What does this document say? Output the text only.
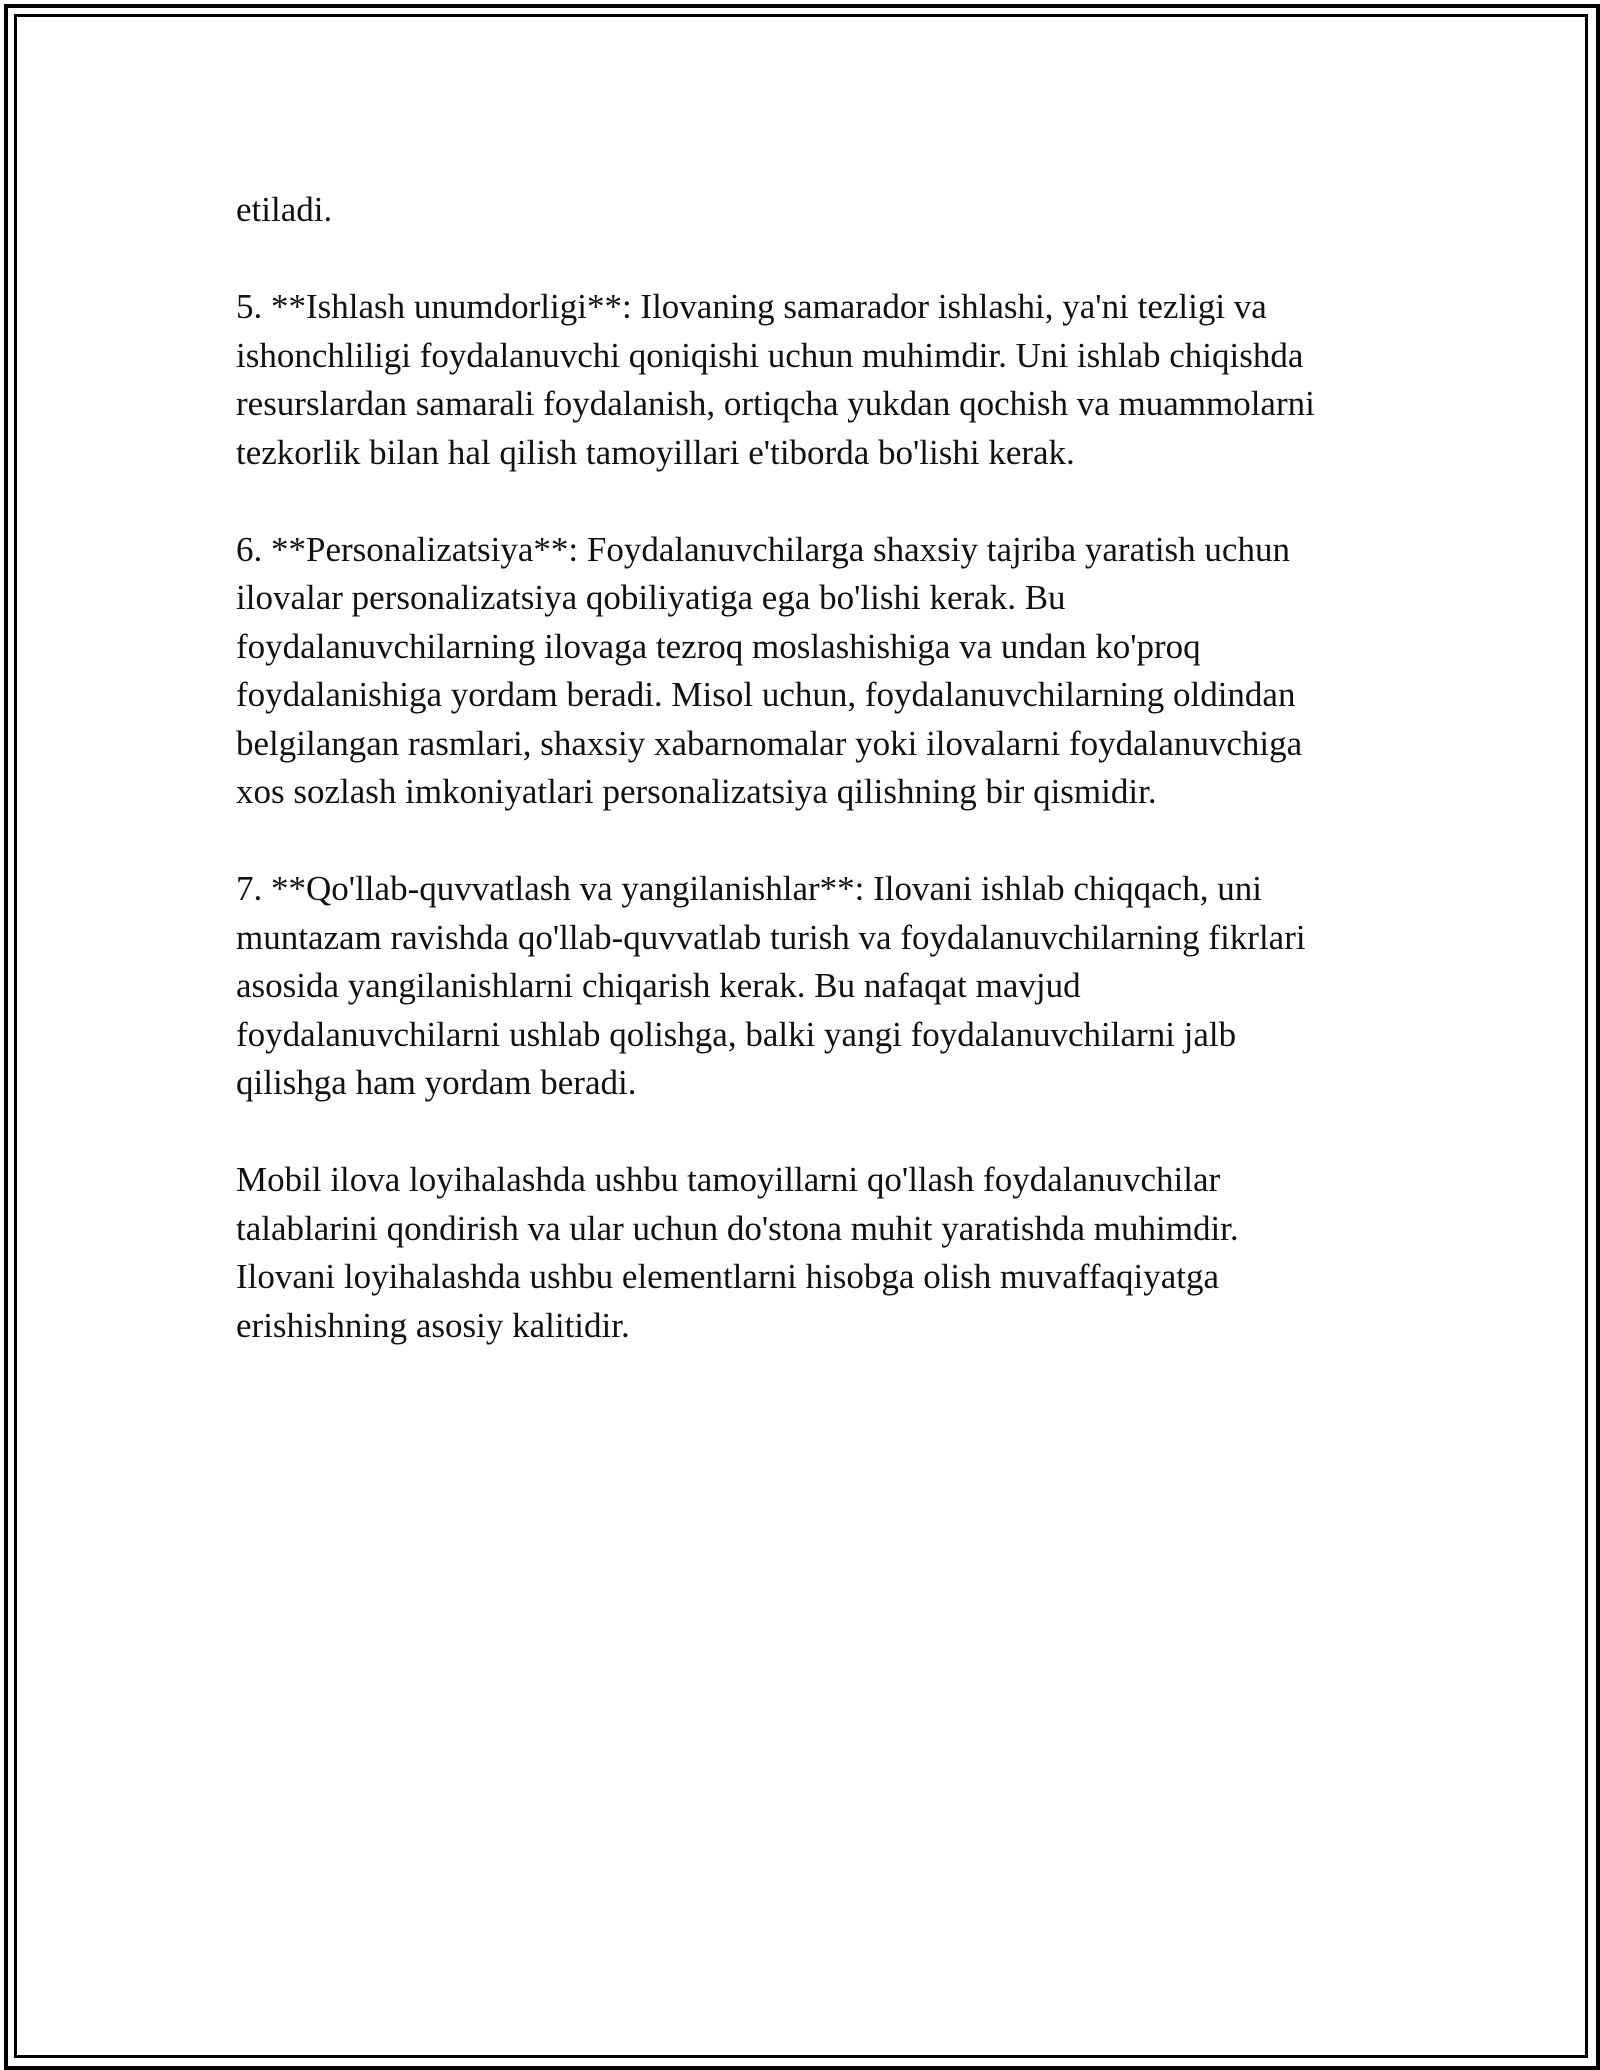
etiladi.

5. **Ishlash unumdorligi**: Ilovaning samarador ishlashi, ya'ni tezligi va
ishonchliligi foydalanuvchi qoniqishi uchun muhimdir. Uni ishlab chiqishda
resurslardan samarali foydalanish, ortiqcha yukdan qochish va muammolarni
tezkorlik bilan hal qilish tamoyillari e'tiborda bo'lishi kerak.

6. **Personalizatsiya**: Foydalanuvchilarga shaxsiy tajriba yaratish uchun
ilovalar personalizatsiya qobiliyatiga ega bo'lishi kerak. Bu
foydalanuvchilarning ilovaga tezroq moslashishiga va undan ko'proq
foydalanishiga yordam beradi. Misol uchun, foydalanuvchilarning oldindan
belgilangan rasmlari, shaxsiy xabarnomalar yoki ilovalarni foydalanuvchiga
xos sozlash imkoniyatlari personalizatsiya qilishning bir qismidir.

7. **Qo'llab-quvvatlash va yangilanishlar**: Ilovani ishlab chiqqach, uni
muntazam ravishda qo'llab-quvvatlab turish va foydalanuvchilarning fikrlari
asosida yangilanishlarni chiqarish kerak. Bu nafaqat mavjud
foydalanuvchilarni ushlab qolishga, balki yangi foydalanuvchilarni jalb
qilishga ham yordam beradi.

Mobil ilova loyihalashda ushbu tamoyillarni qo'llash foydalanuvchilar
talablarini qondirish va ular uchun do'stona muhit yaratishda muhimdir.
Ilovani loyihalashda ushbu elementlarni hisobga olish muvaffaqiyatga
erishishning asosiy kalitidir.
